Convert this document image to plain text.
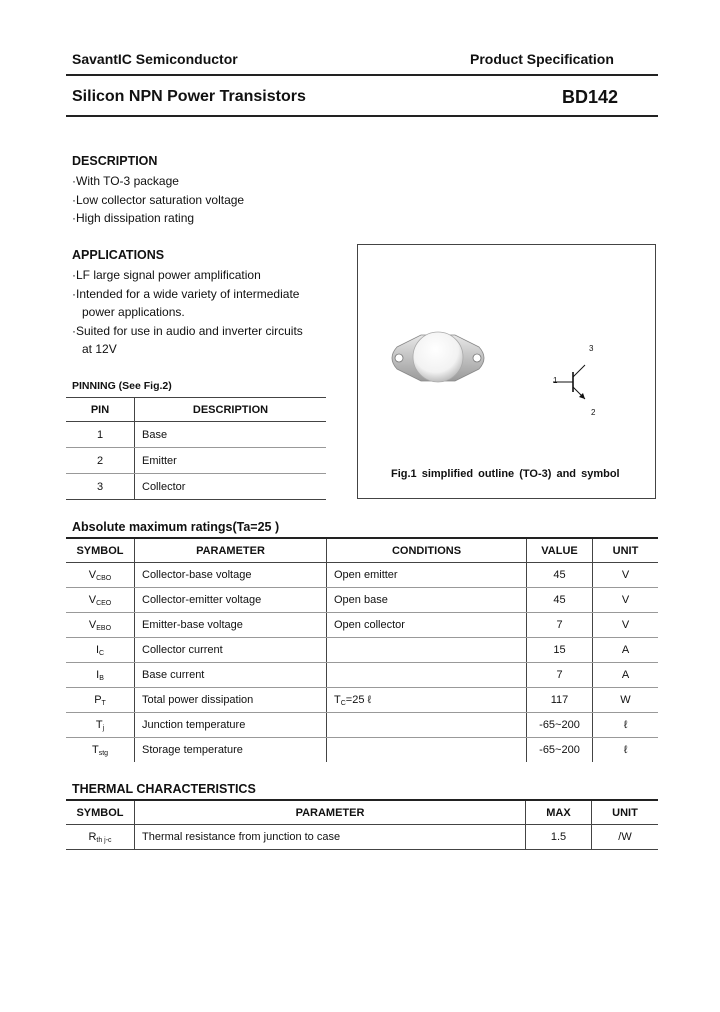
SavantIC Semiconductor	Product Specification
Silicon NPN Power Transistors	BD142
DESCRIPTION
·With TO-3 package
·Low collector saturation voltage
·High dissipation rating
APPLICATIONS
·LF large signal power amplification
·Intended for a wide variety of intermediate
power applications.
·Suited for use in audio and inverter circuits
at 12V
PINNING (See Fig.2)
PIN	DESCRIPTION
1	Base
2	Emitter
3	Collector
1
2
3
Fig.1 simplified outline (TO-3) and symbol
Absolute maximum ratings(Ta=25 )
SYMBOL	PARAMETER	CONDITIONS	VALUE	UNIT
$V_{CBO}$	Collector-base voltage	Open emitter	45	V
$V_{CEO}$	Collector-emitter voltage	Open base	45	V
$V_{EBO}$	Emitter-base voltage	Open collector	7	V
$I_C$	Collector current		15	A
$I_B$	Base current		7	A
$P_T$	Total power dissipation	$T_C=25$ ℓ	117	W
$T_j$	Junction temperature		-65~200	ℓ
$T_{stg}$	Storage temperature		-65~200	ℓ
THERMAL CHARACTERISTICS
SYMBOL	PARAMETER	MAX	UNIT
$R_{th j-c}$	Thermal resistance from junction to case	1.5	/W
